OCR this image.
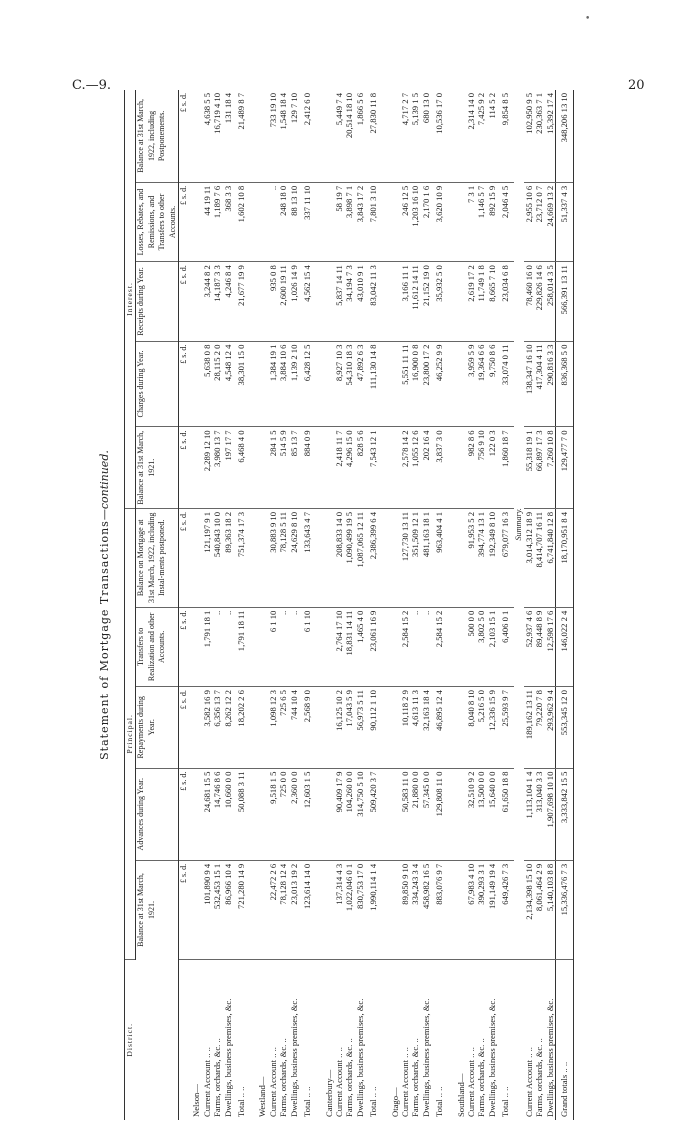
•
C.—9.	20
Statement of Mortgage Transactions—continued.
District.	Principal.					Interest.				
	Balance at 31st March, 1921.	Advances during Year.	Repayments during Year.	Transfers to Realization and other Accounts.	Balance on Mortgage at 31st March, 1922, including Instal-ments postponed.	Balance at 31st March, 1921.	Charges during Year.	Receipts during Year.	Losses, Rebates, and Remissions, and Transfers to other Accounts.	Balance at 31st March, 1922, including Postponements.
	£ s. d.	£ s. d.	£ s. d.	£ s. d.	£ s. d.	£ s. d.	£ s. d.	£ s. d.	£ s. d.	£ s. d.
Nelson—										
Current Account .. ..	101,890 9 4	24,681 15 5	3,582 16 9	1,791 18 1	121,197 9 1	2,289 12 10	5,638 0 8	3,244 8 2	44 19 11	4,638 5 5
Farms, orchards, &c. ..	532,453 15 1	14,746 8 6	6,356 13 7	..	540,843 10 0	3,980 13 7	28,115 2 0	14,187 3 3	1,189 7 6	16,719 4 10
Dwellings, business premises, &c.	86,966 10 4	10,660 0 0	8,262 12 2	..	89,363 18 2	197 17 7	4,548 12 4	4,246 8 4	368 3 3	131 18 4
Total .. ..	721,280 14 9	50,088 3 11	18,202 2 6	1,791 18 11	751,374 17 3	6,468 4 0	38,301 15 0	21,677 19 9	1,602 10 8	21,489 8 7

Westland—										
Current Account .. ..	22,472 2 6	9,518 1 5	1,098 12 3	6 1 10	30,883 9 10	284 1 5	1,384 19 1	935 0 8	..	733 19 10
Farms, orchards, &c. ..	78,128 12 4	725 0 0	725 6 5	..	78,128 5 11	514 5 9	3,884 10 6	2,600 19 11	248 18 0	1,548 18 4
Dwellings, business premises, &c.	23,013 19 2	2,360 0 0	744 10 4	..	24,629 8 10	85 13 7	1,139 2 10	1,026 14 9	88 13 10	129 7 10
Total .. ..	123,614 14 0	12,603 1 5	2,568 9 0	6 1 10	133,643 4 7	884 0 9	6,428 12 5	4,562 15 4	337 11 10	2,412 6 0

Canterbury—										
Current Account .. ..	137,314 4 3	90,409 17 9	16,125 10 2	2,764 17 10	208,833 14 0	2,418 11 7	8,927 10 3	5,837 14 11	58 19 7	5,449 7 4
Farms, orchards, &c. ..	1,022,046 0 1	104,260 0 0	17,043 5 9	18,831 14 11	1,090,499 19 5	4,296 15 0	54,310 18 3	34,194 7 3	3,898 7 1	20,514 18 10
Dwellings, business premises, &c.	830,753 17 0	314,750 5 10	56,973 5 11	1,465 4 0	1,087,065 12 11	828 5 6	47,892 6 3	43,010 9 1	3,843 17 2	1,866 5 6
Total .. ..	1,990,114 1 4	509,420 3 7	90,112 1 10	23,061 16 9	2,386,399 6 4	7,543 12 1	111,130 14 8	83,042 11 3	7,801 3 10	27,830 11 8

Otago—										
Current Account .. ..	89,850 9 10	50,583 11 0	10,118 2 9	2,584 15 2	127,730 13 11	2,578 14 2	5,551 11 11	3,166 11 1	246 12 5	4,717 2 7
Farms, orchards, &c. ..	334,243 3 4	21,880 0 0	4,613 11 3	..	351,509 12 1	1,055 12 6	16,900 0 8	11,612 14 11	1,203 16 10	5,139 1 5
Dwellings, business premises, &c.	458,982 16 5	57,345 0 0	32,163 18 4	..	481,163 18 1	202 16 4	23,800 17 2	21,152 19 0	2,170 1 6	680 13 0
Total .. ..	883,076 9 7	129,808 11 0	46,895 12 4	2,584 15 2	963,404 4 1	3,837 3 0	46,252 9 9	35,932 5 0	3,620 10 9	10,536 17 0

Southland—										
Current Account .. ..	67,983 4 10	32,510 9 2	8,040 8 10	500 0 0	91,953 5 2	982 8 6	3,959 5 9	2,619 17 2	7 3 1	2,314 14 0
Farms, orchards, &c. ..	390,293 3 1	13,500 0 0	5,216 5 0	3,802 5 0	394,774 13 1	756 9 10	19,364 6 6	11,749 1 8	1,146 5 7	7,425 9 2
Dwellings, business premises, &c.	191,149 19 4	15,640 0 0	12,336 15 9	2,103 15 1	192,349 8 10	122 0 3	9,750 8 6	8,665 7 10	892 15 9	114 5 2
Total .. ..	649,426 7 3	61,650 18 8	25,593 9 7	6,406 0 1	679,077 16 3	1,860 18 7	33,074 0 11	23,034 6 8	2,046 4 5	9,854 8 5
	Summary.									
Current Account .. ..	2,134,398 15 10	1,113,104 1 4	189,162 13 11	52,937 4 6	3,014,312 18 9	55,318 19 1	138,347 16 10	78,460 16 0	2,955 10 6	102,950 9 5
Farms, orchards, &c. ..	8,061,464 2 9	313,040 3 3	79,220 7 8	89,448 8 9	8,414,707 16 11	66,897 17 3	417,304 4 11	229,826 14 6	23,712 0 7	230,363 7 1
Dwellings, business premises, &c.	5,140,103 8 8	1,907,698 10 10	293,962 9 4	12,598 17 6	6,741,840 12 8	7,260 10 8	290,816 3 3	258,014 3 5	24,669 13 2	15,392 17 4
Grand totals .. ..	15,336,476 7 3	3,333,842 15 5	553,345 12 0	146,022 2 4	18,170,951 8 4	129,477 7 0	836,368 5 0	566,391 13 11	51,337 4 3	348,206 13 10
